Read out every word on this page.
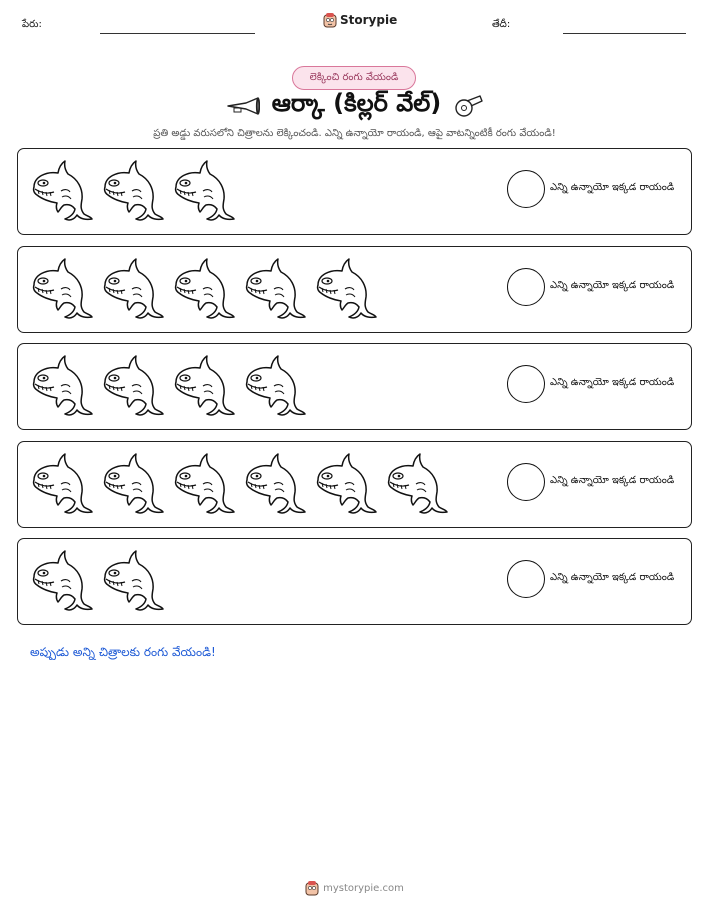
పేరు:	Storypie	తేదీ:
లెక్కించి రంగు వేయండి
ఆర్కా (కిల్లర్ వేల్)
ప్రతి అడ్డు వరుసలోని చిత్రాలను లెక్కించండి. ఎన్ని ఉన్నాయో రాయండి, ఆపై వాటన్నింటికీ రంగు వేయండి!
ఎన్ని ఉన్నాయో ఇక్కడ రాయండి
ఎన్ని ఉన్నాయో ఇక్కడ రాయండి
ఎన్ని ఉన్నాయో ఇక్కడ రాయండి
ఎన్ని ఉన్నాయో ఇక్కడ రాయండి
ఎన్ని ఉన్నాయో ఇక్కడ రాయండి
అప్పుడు అన్ని చిత్రాలకు రంగు వేయండి!
mystorypie.com
